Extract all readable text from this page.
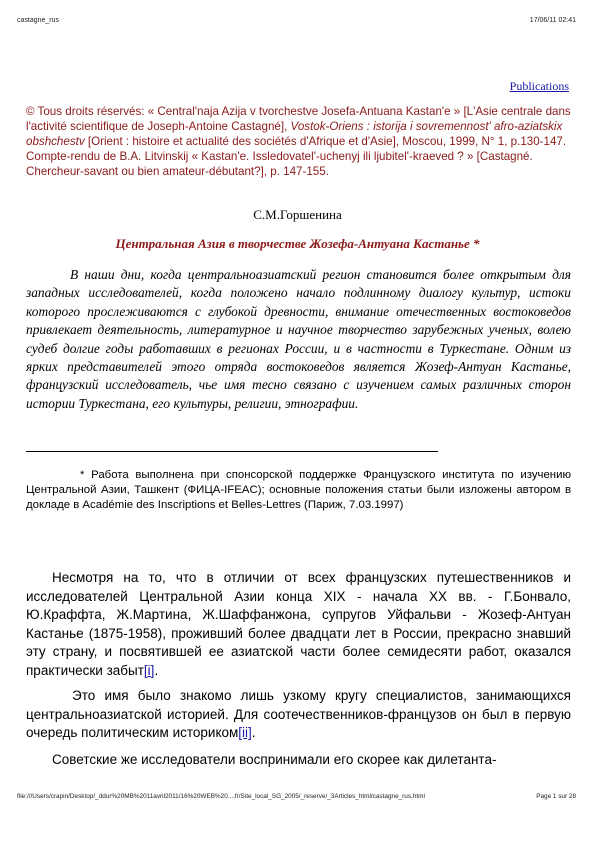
castagne_rus	17/06/11 02:41
Publications
© Tous droits réservés: « Central'naja Azija v tvorchestve Josefa-Antuana Kastan'e » [L'Asie centrale dans l'activité scientifique de Joseph-Antoine Castagné], Vostok-Oriens : istorija i sovremennost' afro-aziatskix obshchestv [Orient : histoire et actualité des sociétés d'Afrique et d'Asie], Moscou, 1999, N° 1, p.130-147. Compte-rendu de B.A. Litvinskij « Kastan'e. Issledovatel'-uchenyj ili ljubitel'-kraeved ? » [Castagné. Chercheur-savant ou bien amateur-débutant?], p. 147-155.
С.М.Горшенина
Центральная Азия в творчестве Жозефа-Антуана Кастанье *

В наши дни, когда центральноазиатский регион становится более открытым для западных исследователей, когда положено начало подлинному диалогу культур, истоки которого прослеживаются с глубокой древности, внимание отечественных востоковедов привлекает деятельность, литературное и научное творчество зарубежных ученых, волею судеб долгие годы работавших в регионах России, и в частности в Туркестане. Одним из ярких представителей этого отряда востоковедов является Жозеф-Антуан Кастанье, французский исследователь, чье имя тесно связано с изучением самых различных сторон истории Туркестана, его культуры, религии, этнографии.

* Работа выполнена при спонсорской поддержке Французского института по изучению Центральной Азии, Ташкент (ФИЦА-IFEAC); основные положения статьи были изложены автором в докладе в Académie des Inscriptions et Belles-Lettres (Париж, 7.03.1997)

Несмотря на то, что в отличии от всех французских путешественников и исследователей Центральной Азии конца XIX - начала XX вв. - Г.Бонвало, Ю.Краффта, Ж.Мартина, Ж.Шаффанжона, супругов Уйфальви - Жозеф-Антуан Кастанье (1875-1958), проживший более двадцати лет в России, прекрасно знавший эту страну, и посвятившей ее азиатской части более семидесяти работ, оказался практически забыт[i].

Это имя было знакомо лишь узкому кругу специалистов, занимающихся центральноазиатской историей. Для соотечественников-французов он был в первую очередь политическим историком[ii].

Советские же исследователи воспринимали его скорее как дилетанта-

file:///Users/crapin/Desktop/_ddur%20MB%2011avril2011/16%20WEB%20....fr/Site_local_SG_2005/_reserve/_3Articles_html/castagne_rus.html	Page 1 sur 28
